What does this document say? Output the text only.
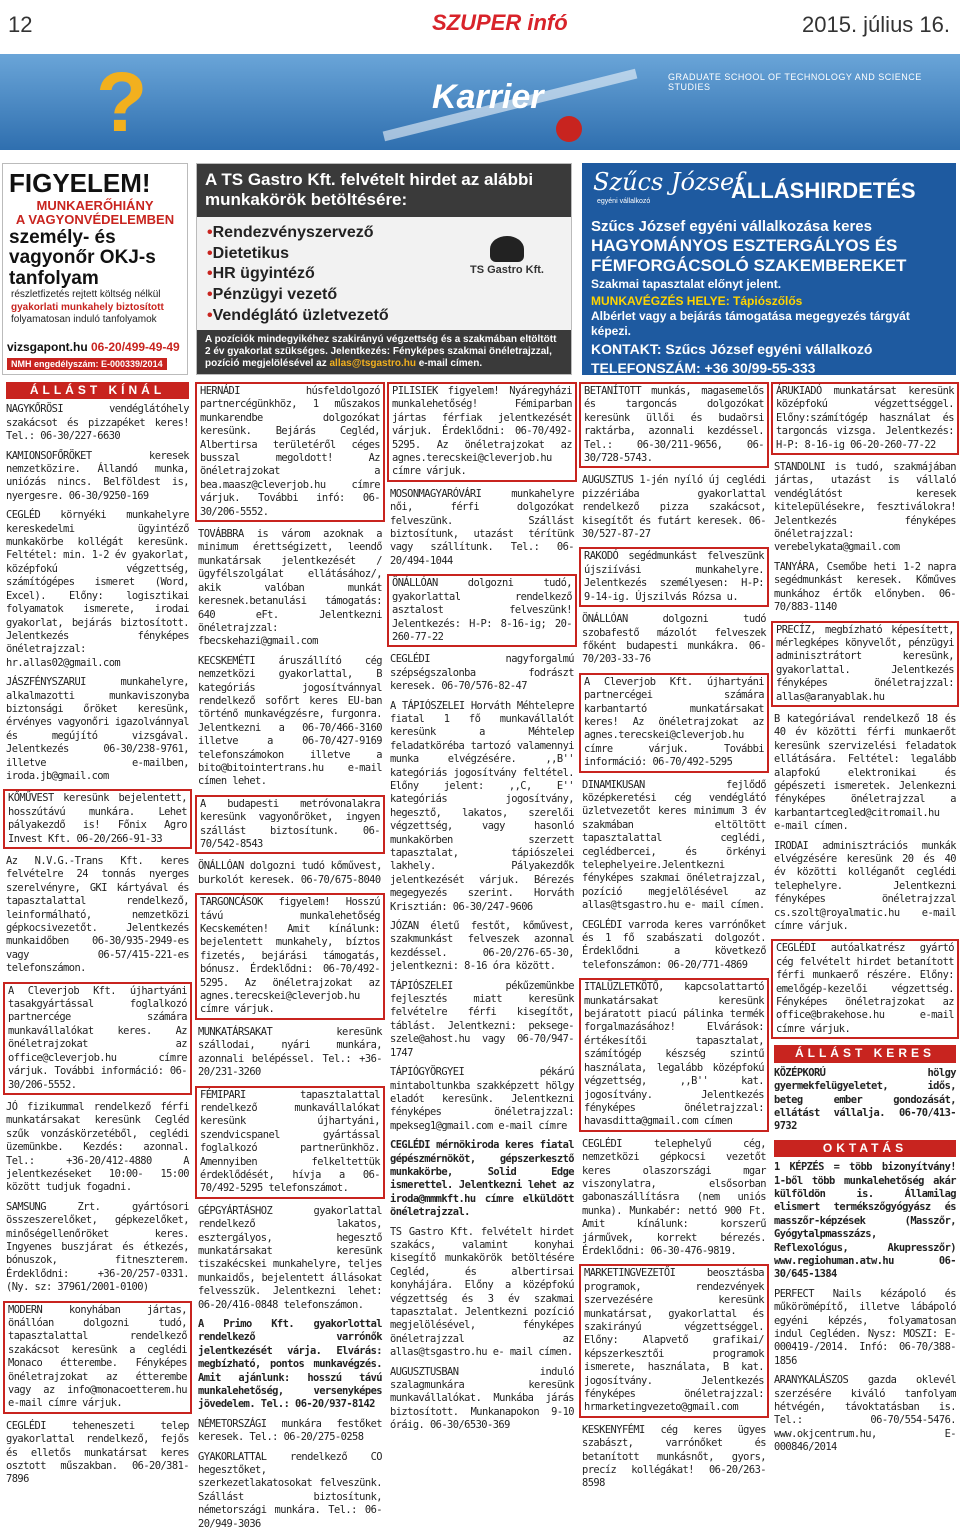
12	SZUPER infó	2015. július 16.
?	Karrier
GRADUATE SCHOOL OF TECHNOLOGY AND SCIENCE STUDIES
FIGYELEM!
MUNKAERŐHIÁNY
A VAGYONVÉDELEMBEN
személy- és vagyonőr OKJ-s tanfolyam
részletfizetés rejtett költség nélkül
gyakorlati munkahely biztosított
folyamatosan induló tanfolyamok
vizsgapont.hu 06-20/499-49-49
NMH engedélyszám: E-000339/2014
A TS Gastro Kft. felvételt hirdet az alábbi munkakörök betöltésére:
• Rendezvényszervező
• Dietetikus
• HR ügyintéző
• Pénzügyi vezető
• Vendéglátó üzletvezető
TS Gastro Kft.
A pozíciók mindegyikéhez szakirányú végzettség és a szakmában eltöltött 2 év gyakorlat szükséges. Jelentkezés: Fényképes szakmai önéletrajzzal, pozíció megjelölésével az allas@tsgastro.hu e-mail címen.
Szűcs József
egyéni vállalkozó	ÁLLÁSHIRDETÉS
Szűcs József egyéni vállalkozása keres
HAGYOMÁNYOS ESZTERGÁLYOS ÉS FÉMFORGÁCSOLÓ SZAKEMBEREKET
Szakmai tapasztalat előnyt jelent.
MUNKAVÉGZÉS HELYE: Tápiószőlős
Albérlet vagy a bejárás támogatása megegyezés tárgyát képezi.
KONTAKT: Szűcs József egyéni vállalkozó
TELEFONSZÁM: +36 30/99-55-333
ÁLLÁST KÍNÁL

NAGYKŐRÖSI vendéglátóhely szakácsot és pizzapéket keres! Tel.: 06-30/227-6630

KAMIONSOFŐRÖKET keresek nemzetközire. Állandó munka, uniózás nincs. Belföldest is, nyergesre. 06-30/9250-169

CEGLÉD környéki munkahelyre kereskedelmi ügyintéző munkakörbe kollégát keresünk. Feltétel: min. 1-2 év gyakorlat, középfokú végzettség, számítógépes ismeret (Word, Excel). Előny: logisztikai folyamatok ismerete, irodai gyakorlat, bejárás biztosított. Jelentkezés fényképes önéletrajzzal: hr.allas02@gmail.com

JÁSZFÉNYSZARUI munkahelyre, alkalmazotti munkaviszonyba biztonsági őröket keresünk, érvényes vagyonőri igazolvánnyal és megújító vizsgával. Jelentkezés 06-30/238-9761, illetve e-mailben, iroda.jb@gmail.com

KŐMŰVEST keresünk bejelentett, hosszútávú munkára. Lehet pályakezdő is! Főnix Agro Invest Kft. 06-20/266-91-33

Az N.V.G.-Trans Kft. keres felvételre 24 tonnás nyerges szerelvényre, GKI kártyával és tapasztalattal rendelkező, leinformálható, nemzetközi gépkocsivezetőt. Jelentkezés munkaidőben 06-30/935-2949-es vagy 06-57/415-221-es telefonszámon.

A Cleverjob Kft. újhartyáni tasakgyártással foglalkozó partnercége számára munkavállalókat keres. Az önéletrajzokat az office@cleverjob.hu címre várjuk. További információ: 06-30/206-5552.

JÓ fizikummal rendelkező férfi munkatársakat keresünk Cegléd szűk vonzáskörzetéből, ceglédi üzemünkbe. Kezdés: azonnal. Tel.: +36-20/412-4880 A jelentkezéseket 10:00- 15:00 között tudjuk fogadni.

SAMSUNG Zrt. gyártósori összeszerelőket, gépkezelőket, minőségellenőröket keres. Ingyenes buszjárat és étkezés, bónuszok, fitneszterem. Érdeklődni: +36-20/257-0331. (Ny. sz: 37961/2001-0100)

MODERN konyhában jártas, önállóan dolgozni tudó, tapasztalattal rendelkező szakácsot keresünk a ceglédi Monaco étterembe. Fényképes önéletrajzokat az étterembe vagy az info@monacoetterem.hu e-mail címre várjuk.

CEGLÉDI teheneszeti telep gyakorlattal rendelkező, fejős és elletős munkatársat keres osztott műszakban. 06-20/381-7896

HERNÁDI húsfeldolgozó partnercégünkhöz, 1 műszakos munkarendbe dolgozókat keresünk. Bejárás Cegléd, Albertirsa területéről céges busszal megoldott! Az önéletrajzokat a bea.maasz@cleverjob.hu címre várjuk. További infó: 06-30/206-5552.

TOVÁBBRA is várom azoknak a minimum érettségizett, leendő munkatársak jelentkezését /ügyfélszolgálat ellátásához/, akik valóban munkát keresnek.betanulási támogatás: 640 eFt. Jelentkezni önéletrajzzal: fbecskehazi@gmail.com

KECSKEMÉTI áruszállító cég nemzetközi gyakorlattal, B kategóriás jogosítvánnyal rendelkező sofőrt keres EU-ban történő munkavégzésre, furgonra. Jelentkezni a 06-70/466-3160 illetve a 06-70/427-9169 telefonszámokon illetve a bito@bitointertrans.hu e-mail címen lehet.

A budapesti metróvonalakra keresünk vagyonőröket, ingyen szállást biztosítunk. 06-70/542-8543

ÖNÁLLÓAN dolgozni tudó kőművest, burkolót keresek. 06-70/675-8040

TARGONCÁSOK figyelem! Hosszú távú munkalehetőség Kecskeméten! Amit kínálunk: bejelentett munkahely, bíztos fizetés, bejárási támogatás, bónusz. Érdeklődni: 06-70/492-5295. Az önéletrajzokat az agnes.terecskei@cleverjob.hu címre várjuk.

MUNKATÁRSAKAT keresünk szállodai, nyári munkára, azonnali belépéssel. Tel.: +36-20/231-3260

FÉMIPARI tapasztalattal rendelkező munkavállalókat keresünk újhartyáni, szendvicspanel gyártással foglalkozó partnerünkhöz. Amennyiben felkeltettük érdeklődését, hívja a 06-70/492-5295 telefonszámot.

GÉPGYÁRTÁSHOZ gyakorlattal rendelkező lakatos, esztergályos, hegesztő munkatársakat keresünk tiszakécskei munkahelyre, teljes munkaidős, bejelentett állásokat felvesszük. Jelentkezni lehet: 06-20/416-0848 telefonszámon.

A Primo Kft. gyakorlottal rendelkező varrónők jelentkezését várja. Elvárás: megbízható, pontos munkavégzés. Amit ajánlunk: hosszú távú munkalehetőség, versenyképes jövedelem. Tel.: 06-20/937-8142

NÉMETORSZÁGI munkára festőket keresek. Tel.: 06-20/275-0258

GYAKORLATTAL rendelkező CO hegesztőket, szerkezetlakatosokat felveszünk. Szállást biztosítunk, németországi munkára. Tel.: 06-20/949-3036

PILISIEK figyelem! Nyáregyházi munkalehetőség! Fémiparban jártas férfiak jelentkezését várjuk. Érdeklődni: 06-70/492-5295. Az önéletrajzokat az agnes.terecskei@cleverjob.hu címre várjuk.

MOSONMAGYARÓVÁRI munkahelyre női, férfi dolgozókat felveszünk. Szállást biztosítunk, utazást térítünk vagy szállítunk. Tel.: 06-20/494-1044

ÖNÁLLÓAN dolgozni tudó, gyakorlattal rendelkező asztalost felveszünk! Jelentkezés: H-P: 8-16-ig; 20-260-77-22

CEGLÉDI nagyforgalmú szépségszalonba fodrászt keresek. 06-70/576-82-47

A TÁPIÓSZELEI Horváth Méhtelepre fiatal 1 fő munkavállalót keresünk a Méhtelep feladatköréba tartozó valamennyi munka elvégzésére. ,,B'' kategóriás jogosítvány feltétel. Előny jelent: ,,C, E'' kategóriás jogosítvány, hegesztő, lakatos, szerelői végzettség, vagy hasonló munkakörben szerzett tapasztalat, tápiószelei lakhely. Pályakezdők jelentkezését várjuk. Bérezés megegyezés szerint. Horváth Krisztián: 06-30/247-9606

JÓZAN életű festőt, kőművest, szakmunkást felveszek azonnal kezdéssel. 06-20/276-65-30, jelentkezni: 8-16 óra között.

TÁPIÓSZELEI pékűzemünkbe fejlesztés miatt keresünk felvételre férfi kisegítőt, táblást. Jelentkezni: peksege-szele@ahost.hu vagy 06-70/947-1747

TÁPIÓGYÖRGYEI pékárú mintaboltunkba szakképzett hölgy eladót keresünk. Jelentkezni fényképes önéletrajzzal: mpekseg1@gmail.com e-mail címre

CEGLÉDI mérnökiroda keres fiatal gépészmérnököt, gépszerkesztő munkakörbe, Solid Edge ismerettel. Jelentkezni lehet az iroda@mmmkft.hu címre elküldött önéletrajzzal.

TS Gastro Kft. felvételt hirdet szakács, valamint konyhai kisegítő munkakörök betöltésére Cegléd, és albertirsai konyhájára. Előny a középfokú végzettség és 3 év szakmai tapasztalat. Jelentkezni pozíció megjelölésével, fényképes önéletrajzzal az allas@tsgastro.hu e- mail címen.

AUGUSZTUSBAN induló szalagmunkára keresünk munkavállalókat. Munkába járás biztosított. Munkanapokon 9-10 óráig. 06-30/6530-369

BETANÍTOTT munkás, magasemelős és targoncás dolgozókat keresünk üllői és budaörsi raktárba, azonnali kezdéssel. Tel.: 06-30/211-9656, 06-30/728-5743.

AUGUSZTUS 1-jén nyíló új ceglédi pizzériába gyakorlattal rendelkező pizza szakácsot, kisegítőt és futárt keresek. 06-30/527-87-27

RAKODÓ segédmunkást felveszünk újsziívási munkahelyre. Jelentkezés személyesen: H-P: 9-14-ig. Újszilvás Rózsa u.

ÖNÁLLÓAN dolgozni tudó szobafestő mázolót felveszek főként budapesti munkákra. 06-70/203-33-76

A Cleverjob Kft. újhartyáni partnercégei számára karbantartó munkatársakat keres! Az önéletrajzokat az agnes.terecskei@cleverjob.hu címre várjuk. További információ: 06-70/492-5295

DINAMIKUSAN fejlődő középkeretési cég vendéglátó üzletvezetőt keres minimum 3 év szakmában eltöltött tapasztalattal ceglédi, ceglédbercei, és örkényi telephelyeire.Jelentkezni fényképes szakmai önéletrajzzal, pozíció megjelölésével az allas@tsgastro.hu e- mail címen.

CEGLÉDI varroda keres varrónőket és 1 fő szabászati dolgozót. Érdeklődni a következő telefonszámon: 06-20/771-4869

ITALÜZLETKÖTŐ, kapcsolattartó munkatársakat keresünk bejáratott piacú pálinka termék forgalmazásához! Elvárások: értékesítői tapasztalat, számítógép készség szintű használata, legalább középfokú végzettség, ,,B'' kat. jogosítvány. Jelentkezés fényképes önéletrajzzal: havasditta@gmail.com címen

CEGLÉDI telephelyű cég, nemzetközi gépkocsi vezetőt keres olaszországi mgar viszonylatra, elsősorban gabonaszállításra (nem uniós munka). Munkabér: nettó 900 Ft. Amit kínálunk: korszerű járművek, korrekt bérezés. Érdeklődni: 06-30-476-9819.

MARKETINGVEZETŐI beosztásba programok, rendezvények szervezésére keresünk munkatársat, gyakorlattal és szakirányú végzettséggel. Előny: Alapvető grafikai/ képszerkesztői programok ismerete, használata, B kat. jogosítvány. Jelentkezés fényképes önéletrajzzal: hrmarketingvezeto@gmail.com

KESKENYFÉMI cég keres ügyes szabászt, varrónőket és betanított munkásnőt, gyors, precíz kollégákat! 06-20/263-8598

ÁRUKIADÓ munkatársat keresünk középfokú végzettséggel. Előny:számítógép használat és targoncás vizsga. Jelentkezés: H-P: 8-16-ig 06-20-260-77-22

STANDOLNI is tudó, szakmájában jártas, utazást is vállaló vendéglátóst keresek kitelepülésekre, fesztiválokra! Jelentkezés fényképes önéletrajzzal: verebelykata@gmail.com

TANYÁRA, Csemőbe heti 1-2 napra segédmunkást keresek. Kőműves munkához értők előnyben. 06-70/883-1140

PRECÍZ, megbízható képesített, mérlegképes könyvelőt, pénzügyi adminisztrátort keresünk, gyakorlattal. Jelentkezés fényképes önéletrajzzal: allas@aranyablak.hu

B kategóriával rendelkező 18 és 40 év közötti férfi munkaerőt keresünk szervizelési feladatok ellátására. Feltétel: legalább alapfokú elektronikai és gépészeti ismeretek. Jelenkezni fényképes önéletrajzzal a karbantartcegled@citromail.hu e-mail címen.

IRODAI adminisztrációs munkák elvégzésére keresünk 20 és 40 év közötti kolléganőt ceglédi telephelyre. Jelentkezni fényképes önéletrajzzal cs.szolt@royalmatic.hu e-mail címre várjuk.

CEGLÉDI autóalkatrész gyártó cég felvételt hirdet betanított férfi munkaerő részére. Előny: emelőgép-kezelői végzettség. Fényképes önéletrajzokat az office@brakehose.hu e-mail címre várjuk.

ÁLLÁST KERES

KÖZÉPKORÚ hölgy gyermekfelügyeletet, idős, beteg ember gondozását, ellátást vállalja. 06-70/413-9732

OKTATÁS

1 KÉPZÉS = több bizonyítvány! 1-ből több munkalehetőség akár külföldön is. Államilag elismert termékszőgyógyász és masszőr-képzések (Masszőr, Gyógytalpmasszázs, Reflexológus, Akupresszőr) www.regiohuman.atw.hu 06-30/645-1384

PERFECT Nails kézápoló és műkörömépítő, illetve lábápoló egyéni képzés, folyamatosan indul Cegléden. Nysz: MOSZI: E-000419-/2014. Infó: 06-70/388-1856

ARANYKALÁSZOS gazda oklevél szerzésére kiváló tanfolyam hétvégén, távoktatásban is. Tel.: 06-70/554-5476. www.okjcentrum.hu, E-000846/2014
